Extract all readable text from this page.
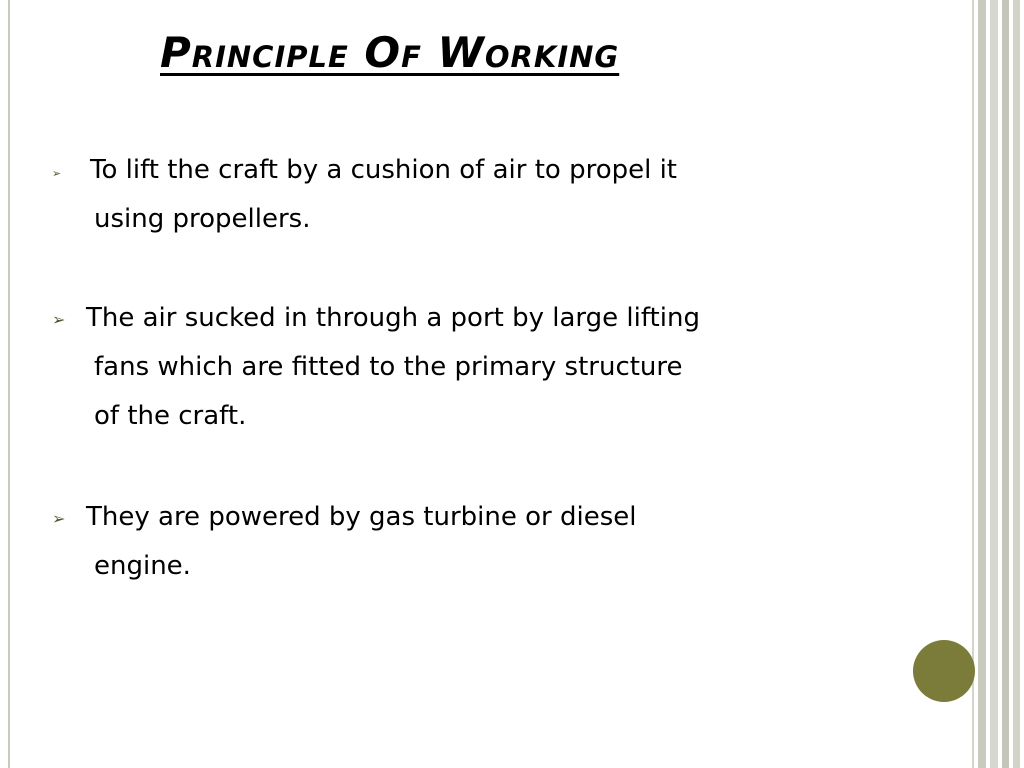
Principle Of Working
➢	To lift the craft by a cushion of air to propel it
using propellers.
➢ The air sucked in through a port by large lifting
fans which are fitted to the primary structure
of the craft.
➢ They are powered by gas turbine or diesel
engine.
